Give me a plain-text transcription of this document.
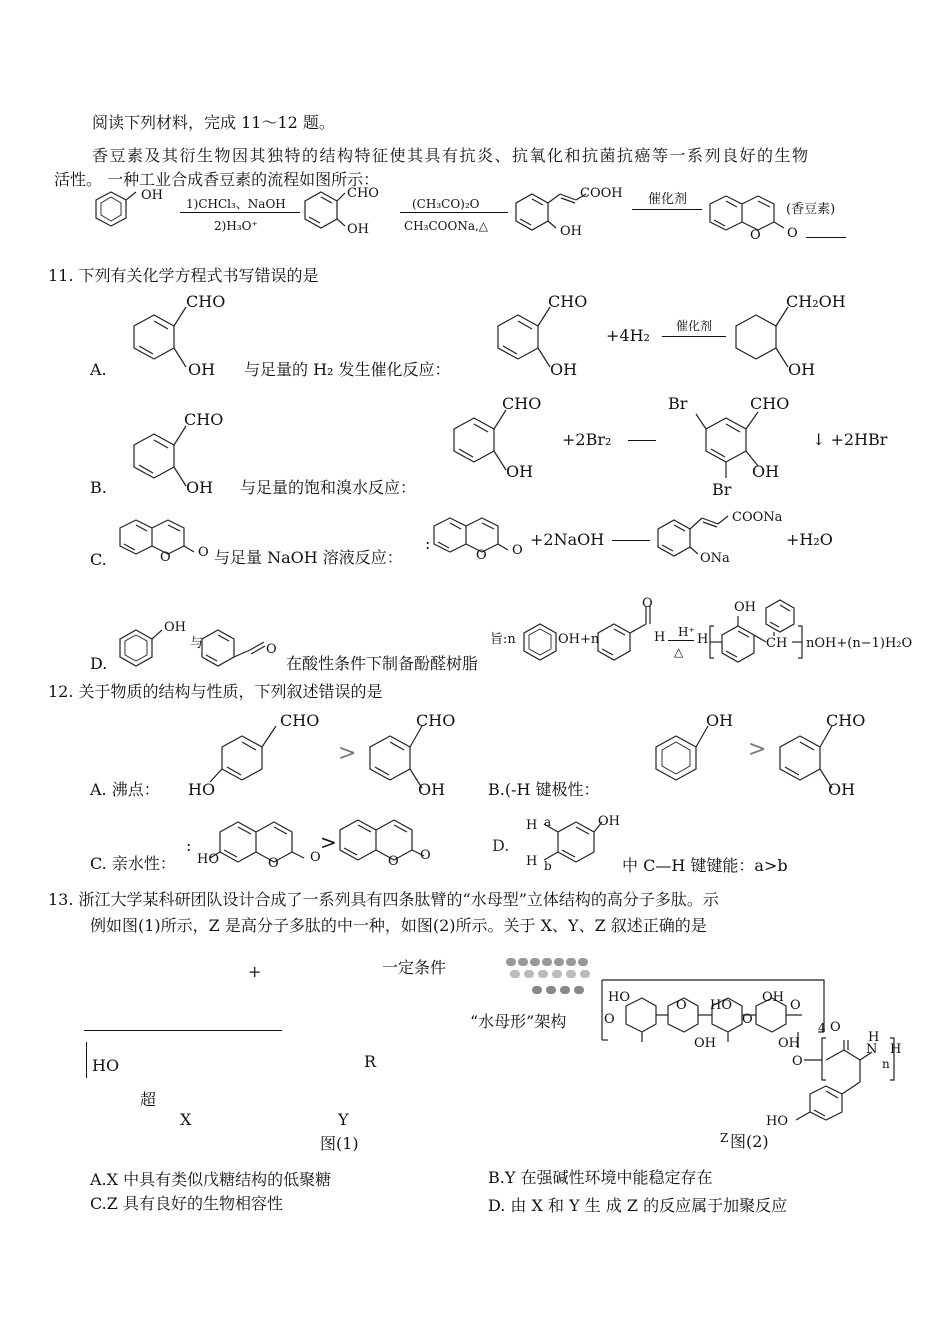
阅读下列材料，完成 11～12 题。
香豆素及其衍生物因其独特的结构特征使其具有抗炎、抗氧化和抗菌抗癌等一系列良好的生物
活性。 一种工业合成香豆素的流程如图所示：
OH
1)CHCl₃、NaOH
2)H₃O⁺
CHO
OH
(CH₃CO)₂O
CH₃COONa,△
COOH
OH
催化剂
O O
(香豆素)
11. 下列有关化学方程式书写错误的是
A.
CHO
OH 与足量的 H₂ 发生催化反应：
CHO
OH
+4H₂ 催化剂
CH₂OH
OH
B.
CHO
OH 与足量的饱和溴水反应：
CHO
OH
+2Br₂
Br	CHO
OH
Br
↓ +2HBr
C.	O O 与足量 NaOH 溶液反应：
:
O O
+2NaOH
COONa
ONa
+H₂O
D.
OH
与	O
在酸性条件下制备酚醛树脂
旨:n	OH+n
O
H H⁺
△
H
OH
CH nOH+(n−1)H₂O
12. 关于物质的结构与性质，下列叙述错误的是
A. 沸点：
CHO
HO
>
CHO
OH	B.(-H 键极性：
OH
>
CHO
OH
C. 亲水性：
:
HO	O O
>
O O
D.
H a
H b
OH
中 C—H 键键能：a>b
13. 浙江大学某科研团队设计合成了一系列具有四条肽臂的“水母型”立体结构的高分子多肽。示
例如图(1)所示，Z 是高分子多肽的中一种，如图(2)所示。关于 X、Y、Z 叙述正确的是
+	一定条件
“水母形”架构
HO	R
超
X	Y
图(1)
HO
O
O
OH
HO
O
OH
OH
O
4 O
O
H
N H
n
HO
Z 图(2)
A.X 中具有类似戊糖结构的低聚糖	B.Y 在强碱性环境中能稳定存在
C.Z 具有良好的生物相容性	D. 由 X 和 Y 生 成 Z 的反应属于加聚反应
